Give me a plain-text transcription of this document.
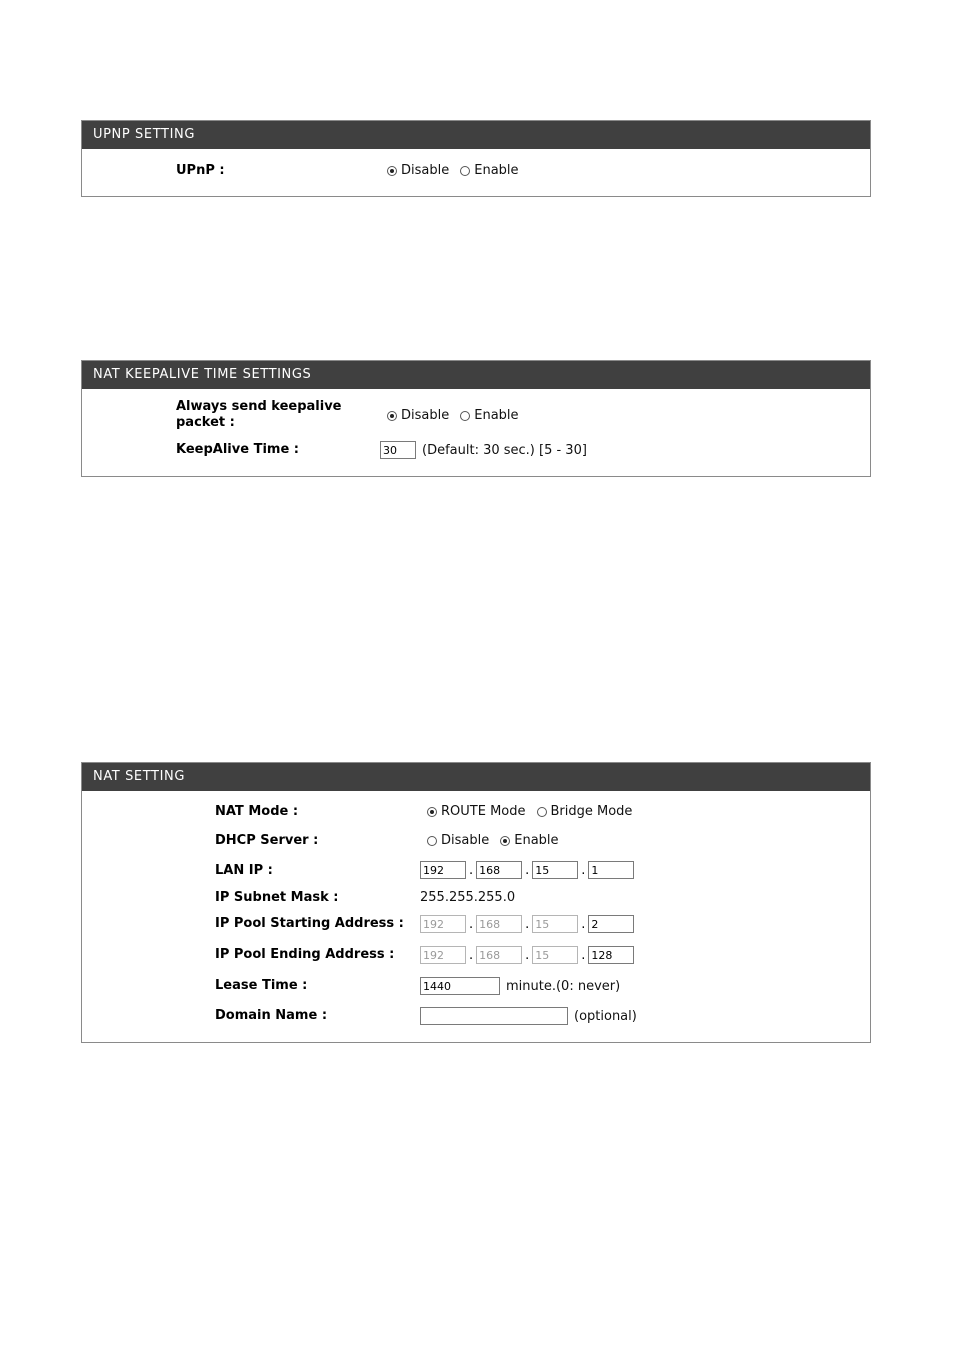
UPNP SETTING
UPnP :	Disable Enable
NAT KEEPALIVE TIME SETTINGS
Always send keepalive packet :	Disable Enable
KeepAlive Time :
30	(Default: 30 sec.) [5 - 30]
NAT SETTING
NAT Mode :	ROUTE Mode Bridge Mode
DHCP Server :	Disable Enable
LAN IP :
192	.
168	.
15	.
1
IP Subnet Mask :	255.255.255.0
IP Pool Starting Address :
192	.
168	.
15	.
2
IP Pool Ending Address :
192	.
168	.
15	.
128
Lease Time :
1440	minute.(0: never)
Domain Name :	(optional)
